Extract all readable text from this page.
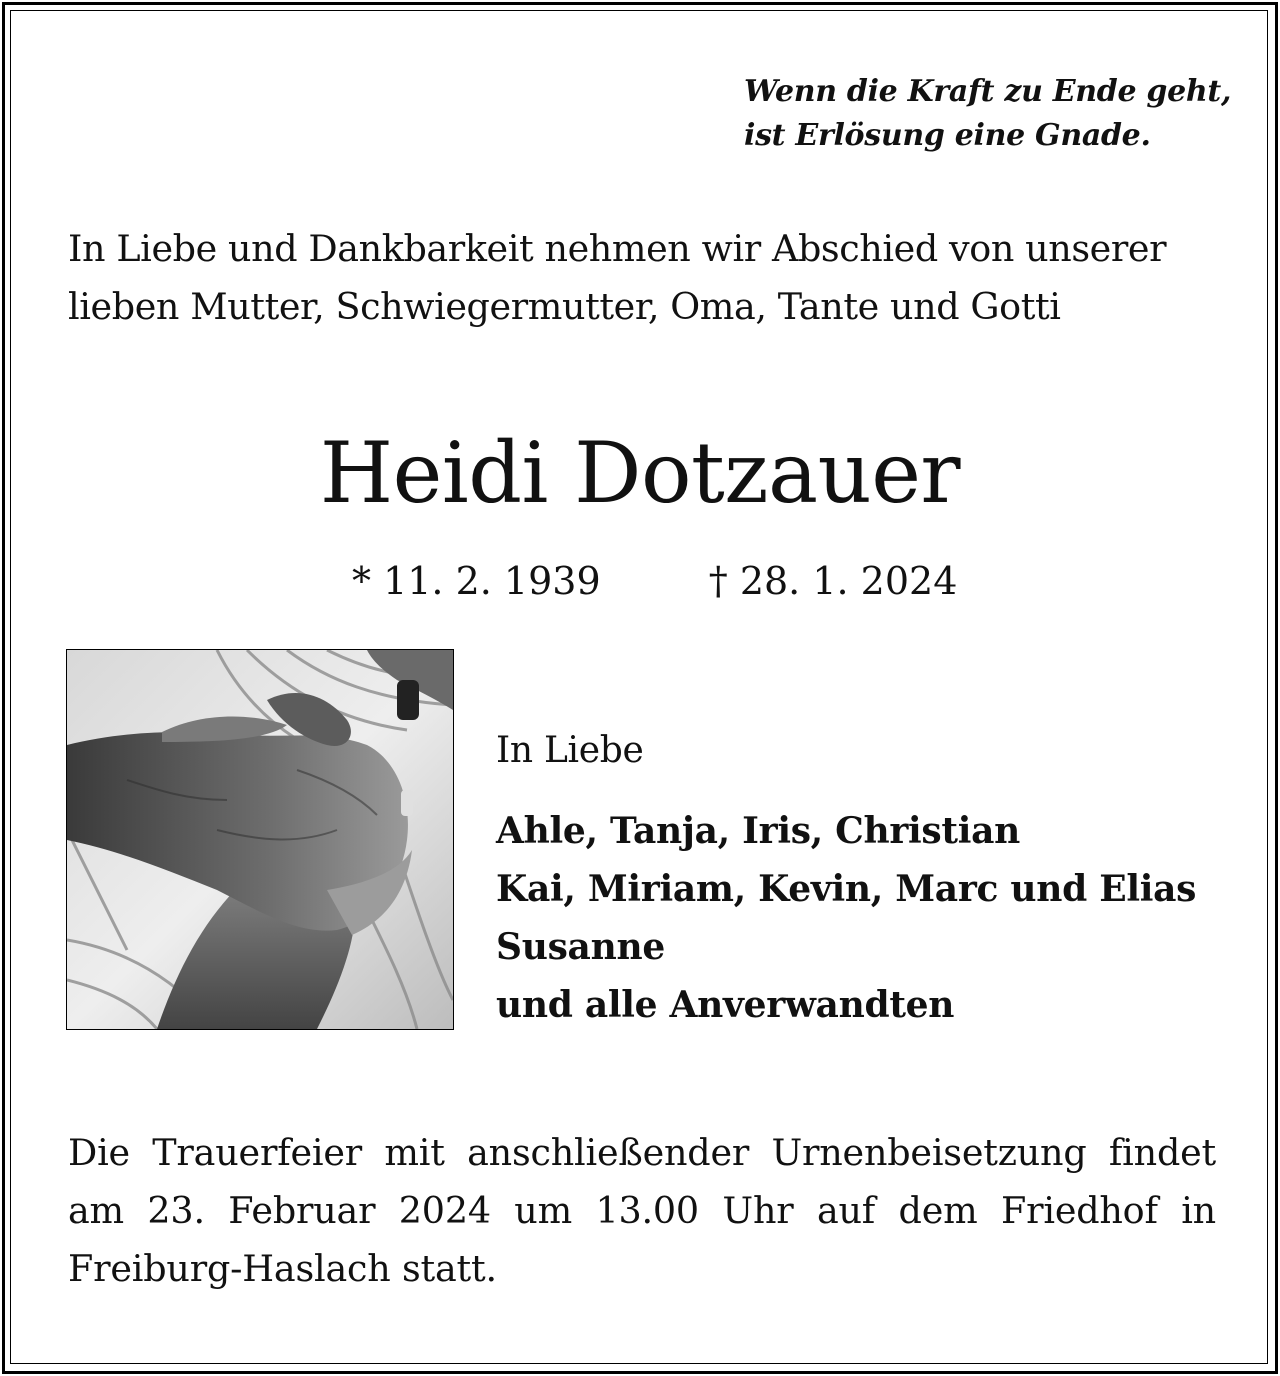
Wenn die Kraft zu Ende geht,
ist Erlösung eine Gnade.
In Liebe und Dankbarkeit nehmen wir Abschied von unserer
lieben Mutter, Schwiegermutter, Oma, Tante und Gotti
Heidi Dotzauer
* 11. 2. 1939	† 28. 1. 2024
In Liebe
Ahle, Tanja, Iris, Christian
Kai, Miriam, Kevin, Marc und Elias
Susanne
und alle Anverwandten
Die Trauerfeier mit anschließender Urnenbeisetzung findet
am 23. Februar 2024 um 13.00 Uhr auf dem Friedhof in
Freiburg-Haslach statt.
